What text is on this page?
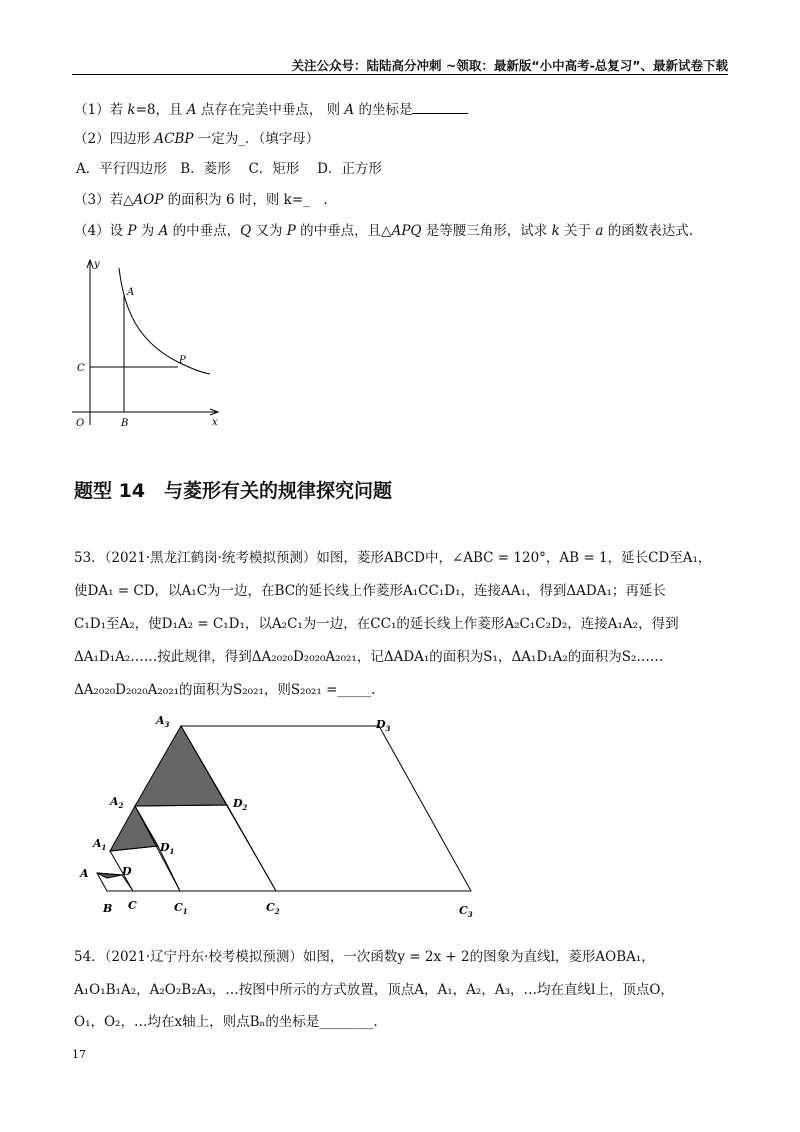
关注公众号：陆陆高分冲刺 ~领取：最新版“小中高考-总复习”、最新试卷下载
（1）若 k=8，且 A 点存在完美中垂点， 则 A 的坐标是
（2）四边形 ACBP 一定为_．（填字母）
A．平行四边形　B．菱形　 C．矩形　 D．正方形
（3）若△AOP 的面积为 6 时，则 k=_　.
（4）设 P 为 A 的中垂点，Q 又为 P 的中垂点，且△APQ 是等腰三角形，试求 k 关于 a 的函数表达式.
y
x
O
A
B
C
P
题型 14　与菱形有关的规律探究问题
53．（2021·黑龙江鹤岗·统考模拟预测）如图，菱形ABCD中，∠ABC = 120°，AB = 1，延长CD至A₁，
使DA₁ = CD，以A₁C为一边，在BC的延长线上作菱形A₁CC₁D₁，连接AA₁，得到ΔADA₁；再延长
C₁D₁至A₂，使D₁A₂ = C₁D₁，以A₂C₁为一边，在CC₁的延长线上作菱形A₂C₁C₂D₂，连接A₁A₂，得到
ΔA₁D₁A₂……按此规律，得到ΔA₂₀₂₀D₂₀₂₀A₂₀₂₁，记ΔADA₁的面积为S₁，ΔA₁D₁A₂的面积为S₂……
ΔA₂₀₂₀D₂₀₂₀A₂₀₂₁的面积为S₂₀₂₁，则S₂₀₂₁ =_____.
$A_3$	$D_3$
$A_2$	$D_2$
$A_1$	$D_1$
A	D
B C	$C_1$	$C_2$	$C_3$
54．（2021·辽宁丹东·校考模拟预测）如图，一次函数y = 2x + 2的图象为直线l，菱形AOBA₁，
A₁O₁B₁A₂，A₂O₂B₂A₃，…按图中所示的方式放置，顶点A，A₁，A₂，A₃，…均在直线l上，顶点O，
O₁，O₂，…均在x轴上，则点Bₙ的坐标是________.
17
